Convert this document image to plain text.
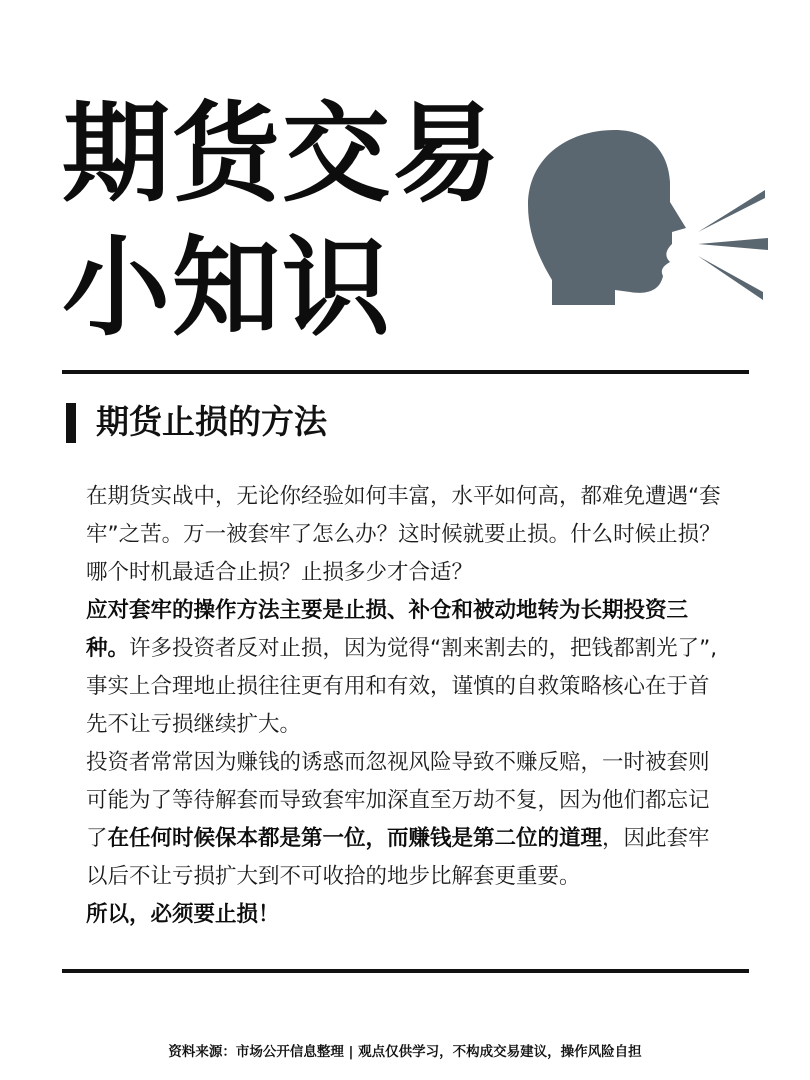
期货交易
小知识
期货止损的方法

在期货实战中，无论你经验如何丰富，水平如何高，都难免遭遇“套牢”之苦。万一被套牢了怎么办？这时候就要止损。什么时候止损？哪个时机最适合止损？止损多少才合适？

应对套牢的操作方法主要是止损、补仓和被动地转为长期投资三种。许多投资者反对止损，因为觉得“割来割去的，把钱都割光了”,事实上合理地止损往往更有用和有效，谨慎的自救策略核心在于首先不让亏损继续扩大。

投资者常常因为赚钱的诱惑而忽视风险导致不赚反赔，一时被套则可能为了等待解套而导致套牢加深直至万劫不复，因为他们都忘记了在任何时候保本都是第一位，而赚钱是第二位的道理，因此套牢以后不让亏损扩大到不可收拾的地步比解套更重要。

所以，必须要止损！

资料来源：市场公开信息整理 | 观点仅供学习，不构成交易建议，操作风险自担
